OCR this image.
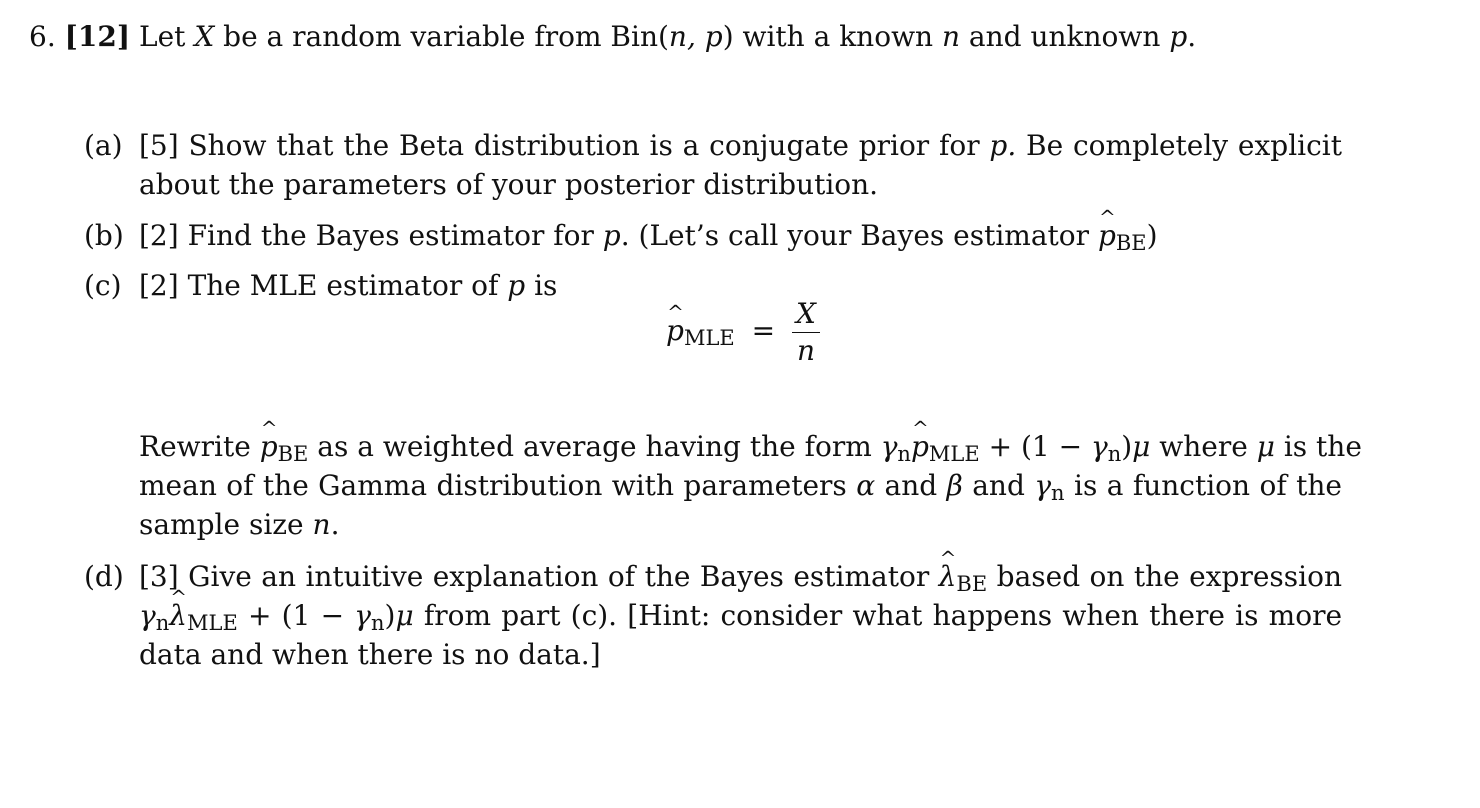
6. [12] Let X be a random variable from Bin(n, p) with a known n and unknown p.
(a) [5] Show that the Beta distribution is a conjugate prior for p. Be completely explicit
about the parameters of your posterior distribution.
(b) [2] Find the Bayes estimator for p. (Let’s call your Bayes estimator ^ $p_{BE}$)
(c) [2] The MLE estimator of p is
^ $p_{MLE} = \frac{X}{n}$
Rewrite ^ $p_{BE}$ as a weighted average having the form $\gamma_n\^{}$ $p_{MLE} + (1 - \gamma_n)\mu$ where μ is the
mean of the Gamma distribution with parameters α and β and $\gamma_n$ is a function of the
sample size n.
(d) [3] Give an intuitive explanation of the Bayes estimator ^ $\lambda_{BE}$ based on the expression
$\gamma_n\^{}$ $\lambda_{MLE} + (1 - \gamma_n)\mu$ from part (c). [Hint: consider what happens when there is more
data and when there is no data.]
